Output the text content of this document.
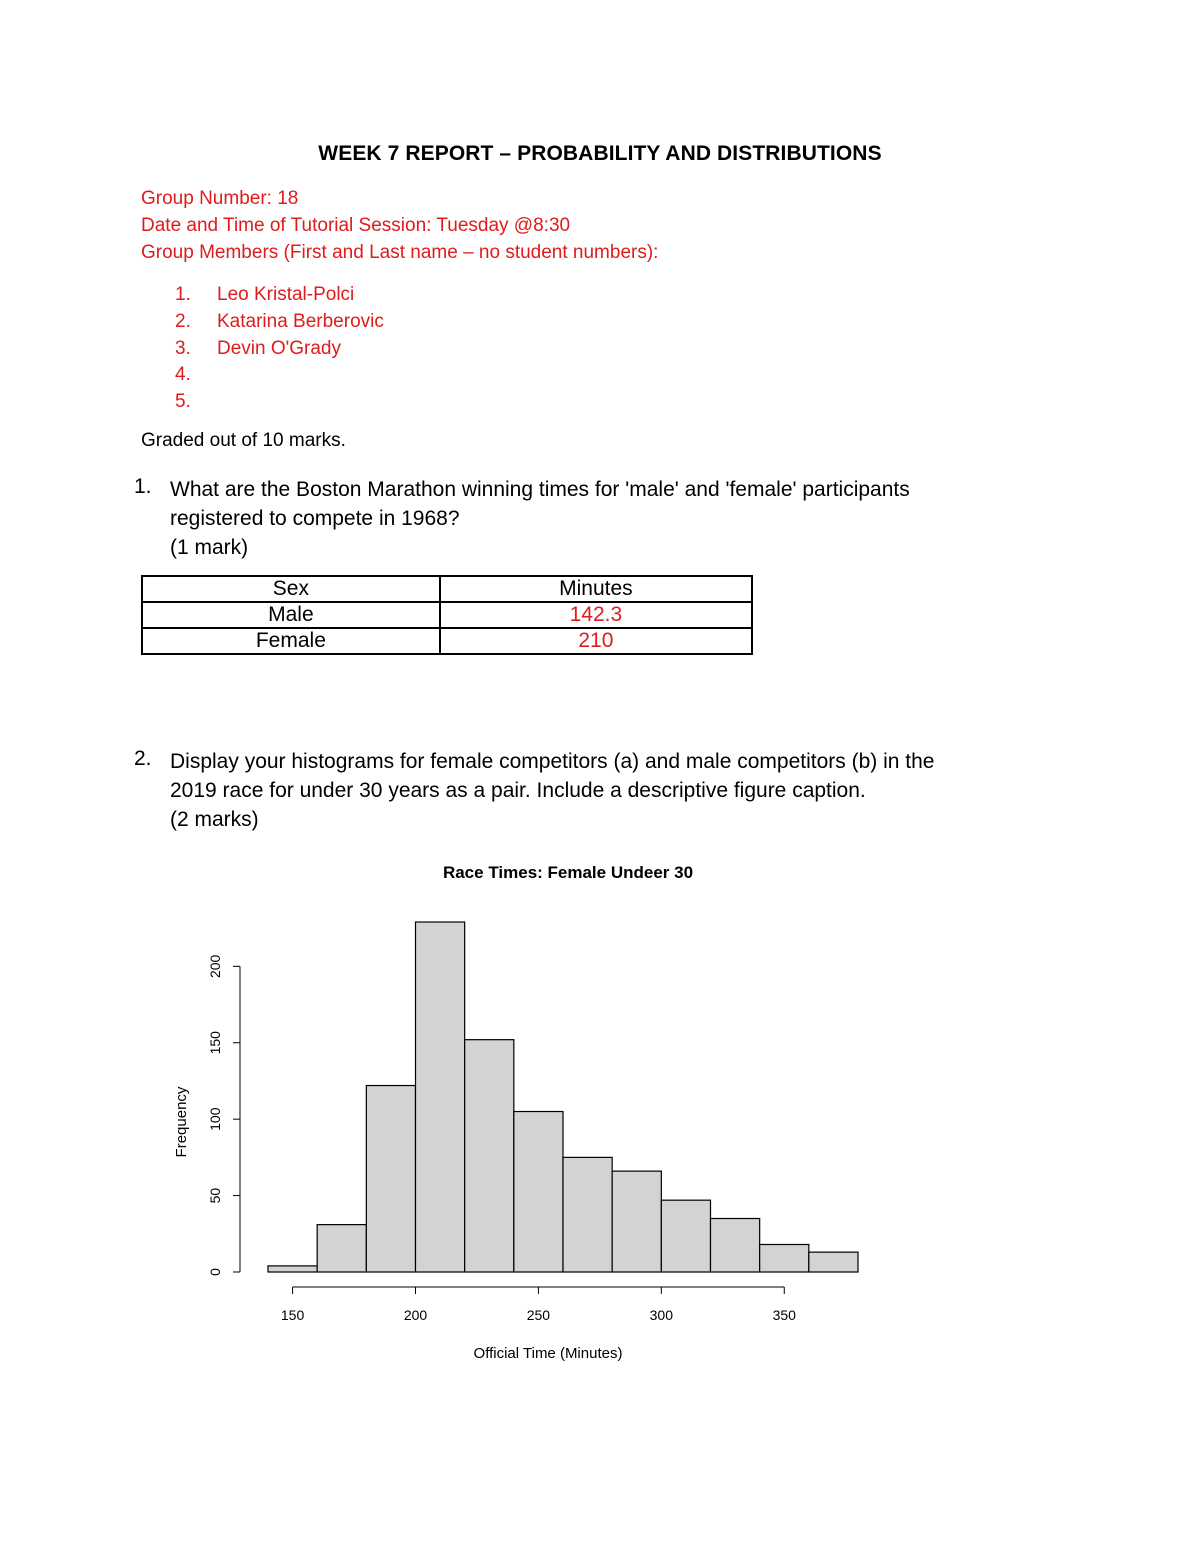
WEEK 7 REPORT – PROBABILITY AND DISTRIBUTIONS
Group Number: 18
Date and Time of Tutorial Session: Tuesday @8:30
Group Members (First and Last name – no student numbers):
1.	Leo Kristal-Polci
2.	Katarina Berberovic
3.	Devin O'Grady
4.
5.
Graded out of 10 marks.
1. What are the Boston Marathon winning times for 'male' and 'female' participants
registered to compete in 1968?
(1 mark)
Sex	Minutes
Male	142.3
Female	210
2. Display your histograms for female competitors (a) and male competitors (b) in the
2019 race for under 30 years as a pair. Include a descriptive figure caption.
(2 marks)
Race Times: Female Undeer 30
0
50
100
150
200
150	200	250	300	350
Official Time (Minutes)
Frequency
